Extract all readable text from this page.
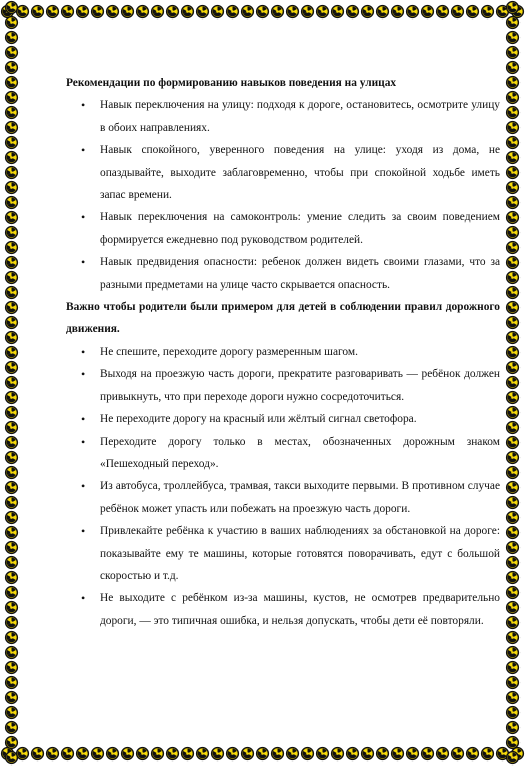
Рекомендации по формированию навыков поведения на улицах

• Навык переключения на улицу: подходя к дороге, остановитесь, осмотрите улицу в обоих направлениях.
• Навык спокойного, уверенного поведения на улице: уходя из дома, не опаздывайте, выходите заблаговременно, чтобы при спокойной ходьбе иметь запас времени.
• Навык переключения на самоконтроль: умение следить за своим поведением формируется ежедневно под руководством родителей.
• Навык предвидения опасности: ребенок должен видеть своими глазами, что за разными предметами на улице часто скрывается опасность.

Важно чтобы родители были примером для детей в соблюдении правил дорожного движения.

• Не спешите, переходите дорогу размеренным шагом.
• Выходя на проезжую часть дороги, прекратите разговаривать — ребёнок должен привыкнуть, что при переходе дороги нужно сосредоточиться.
• Не переходите дорогу на красный или жёлтый сигнал светофора.
• Переходите дорогу только в местах, обозначенных дорожным знаком «Пешеходный переход».
• Из автобуса, троллейбуса, трамвая, такси выходите первыми. В противном случае ребёнок может упасть или побежать на проезжую часть дороги.
• Привлекайте ребёнка к участию в ваших наблюдениях за обстановкой на дороге: показывайте ему те машины, которые готовятся поворачивать, едут с большой скоростью и т.д.
• Не выходите с ребёнком из-за машины, кустов, не осмотрев предварительно дороги, — это типичная ошибка, и нельзя допускать, чтобы дети её повторяли.
